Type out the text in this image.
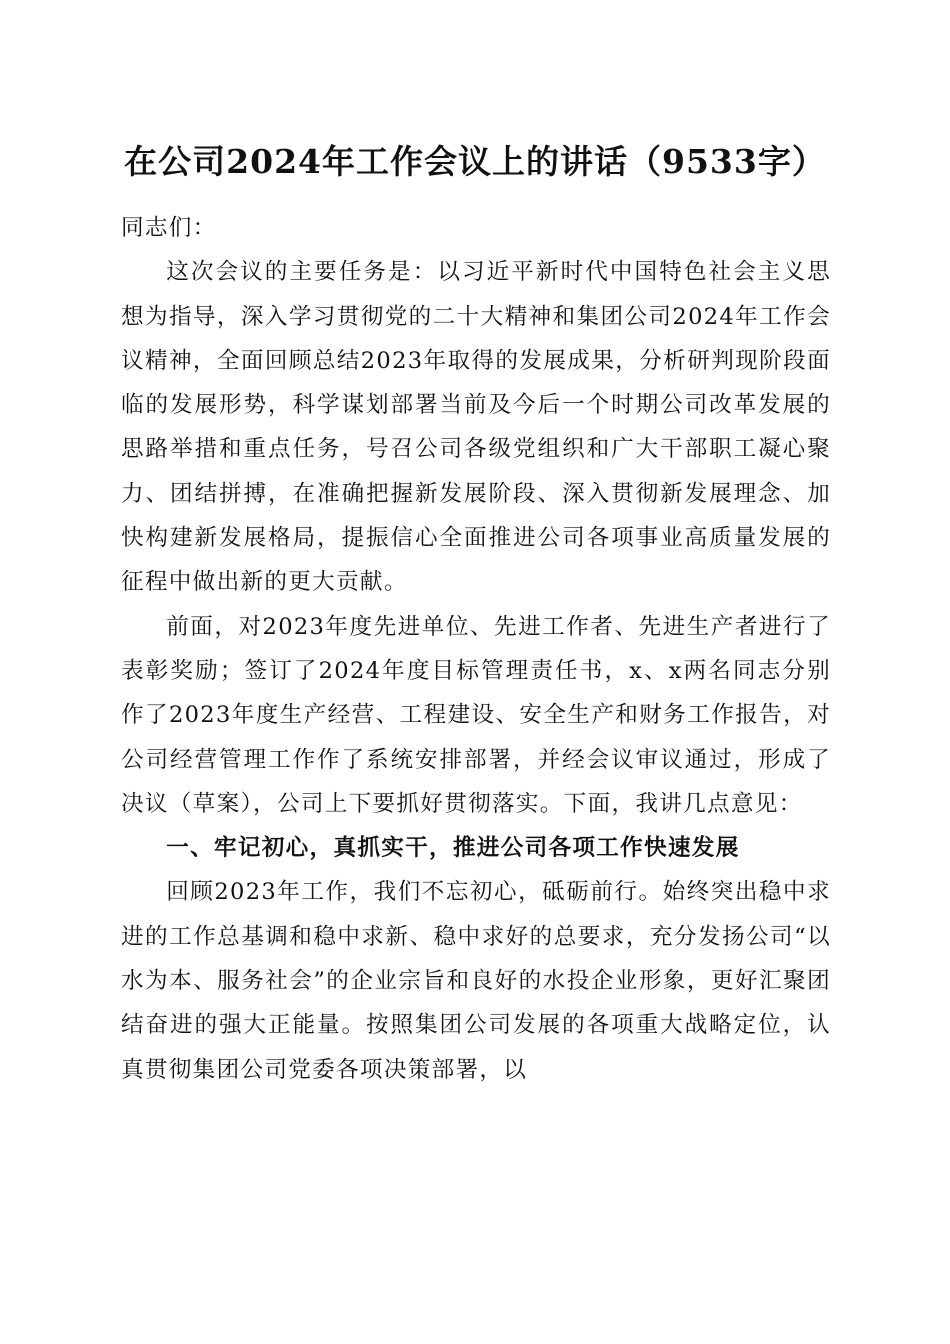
在公司2024年工作会议上的讲话（9533字）

同志们：

这次会议的主要任务是：以习近平新时代中国特色社会主义思想为指导，深入学习贯彻党的二十大精神和集团公司2024年工作会议精神，全面回顾总结2023年取得的发展成果，分析研判现阶段面临的发展形势，科学谋划部署当前及今后一个时期公司改革发展的思路举措和重点任务，号召公司各级党组织和广大干部职工凝心聚力、团结拼搏，在准确把握新发展阶段、深入贯彻新发展理念、加快构建新发展格局，提振信心全面推进公司各项事业高质量发展的征程中做出新的更大贡献。

前面，对2023年度先进单位、先进工作者、先进生产者进行了表彰奖励；签订了2024年度目标管理责任书，x、x两名同志分别作了2023年度生产经营、工程建设、安全生产和财务工作报告，对公司经营管理工作作了系统安排部署，并经会议审议通过，形成了决议（草案），公司上下要抓好贯彻落实。下面，我讲几点意见：

一、牢记初心，真抓实干，推进公司各项工作快速发展

回顾2023年工作，我们不忘初心，砥砺前行。始终突出稳中求进的工作总基调和稳中求新、稳中求好的总要求，充分发扬公司“以水为本、服务社会”的企业宗旨和良好的水投企业形象，更好汇聚团结奋进的强大正能量。按照集团公司发展的各项重大战略定位，认真贯彻集团公司党委各项决策部署，以
